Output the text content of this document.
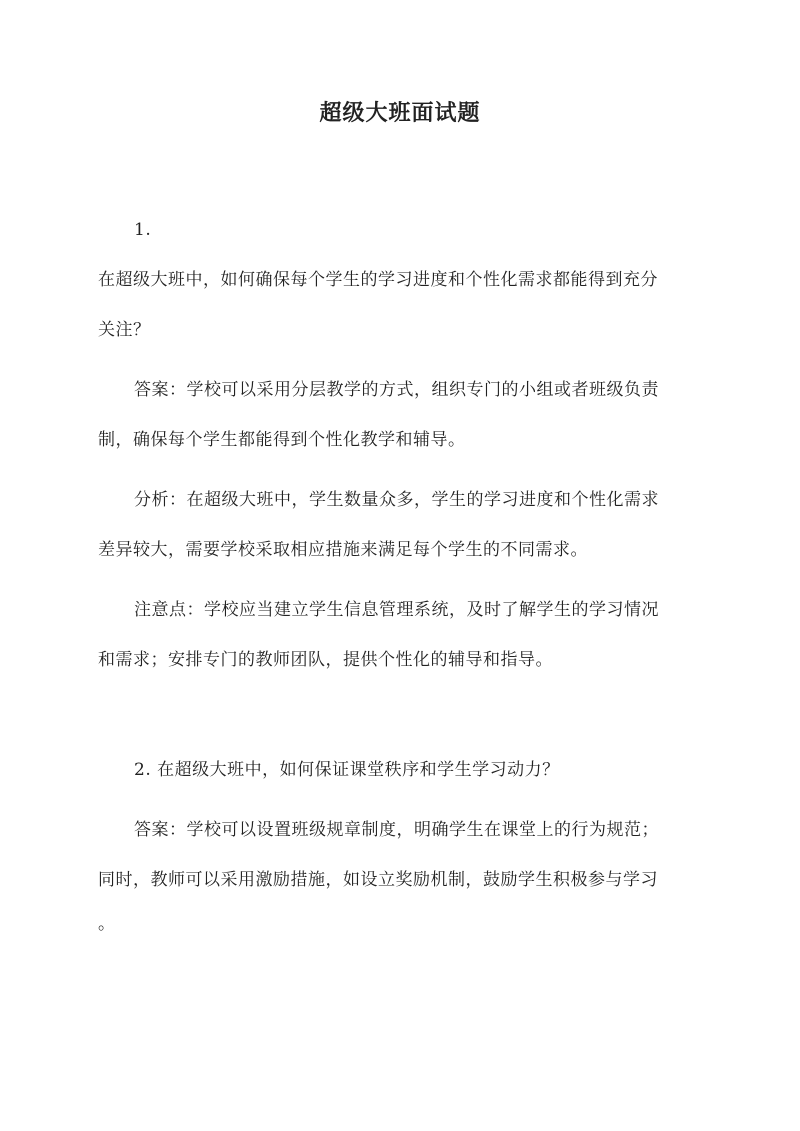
超级大班面试题
1.
在超级大班中，如何确保每个学生的学习进度和个性化需求都能得到充分
关注？
答案：学校可以采用分层教学的方式，组织专门的小组或者班级负责
制，确保每个学生都能得到个性化教学和辅导。
分析：在超级大班中，学生数量众多，学生的学习进度和个性化需求
差异较大，需要学校采取相应措施来满足每个学生的不同需求。
注意点：学校应当建立学生信息管理系统，及时了解学生的学习情况
和需求；安排专门的教师团队，提供个性化的辅导和指导。
2. 在超级大班中，如何保证课堂秩序和学生学习动力？
答案：学校可以设置班级规章制度，明确学生在课堂上的行为规范；
同时，教师可以采用激励措施，如设立奖励机制，鼓励学生积极参与学习
。
